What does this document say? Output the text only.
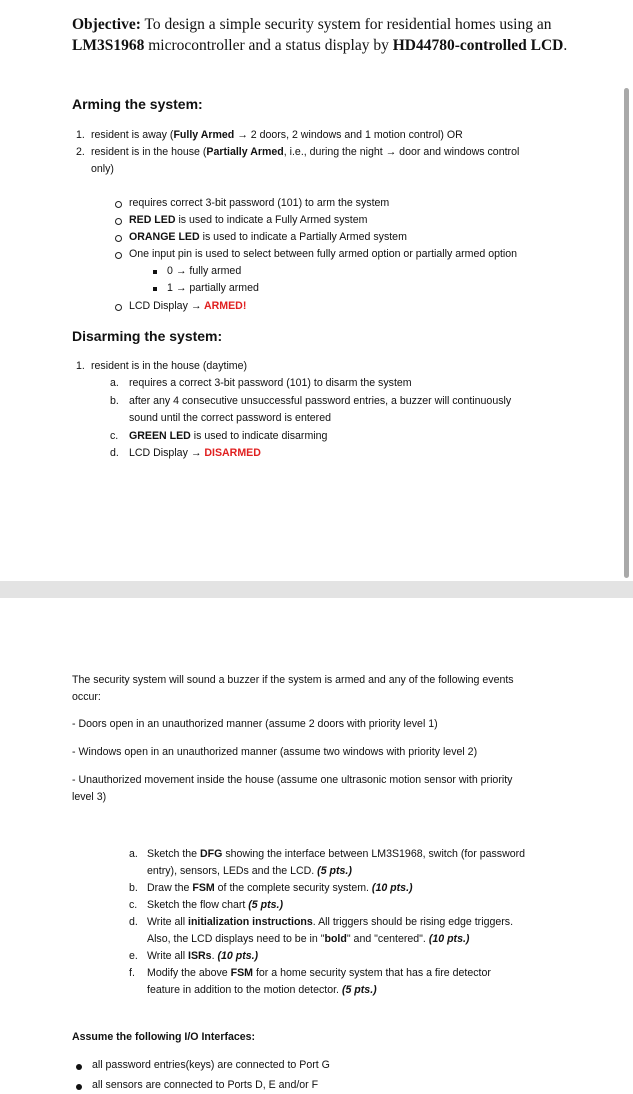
Objective: To design a simple security system for residential homes using an LM3S1968 microcontroller and a status display by HD44780-controlled LCD.
Arming the system:
1. resident is away (Fully Armed → 2 doors, 2 windows and 1 motion control) OR
2. resident is in the house (Partially Armed, i.e., during the night → door and windows control
only)
requires correct 3-bit password (101) to arm the system
RED LED is used to indicate a Fully Armed system
ORANGE LED is used to indicate a Partially Armed system
One input pin is used to select between fully armed option or partially armed option
0 → fully armed
1 → partially armed
LCD Display → ARMED!
Disarming the system:
1. resident is in the house (daytime)
a. requires a correct 3-bit password (101) to disarm the system
b. after any 4 consecutive unsuccessful password entries, a buzzer will continuously
sound until the correct password is entered
c. GREEN LED is used to indicate disarming
d. LCD Display → DISARMED
The security system will sound a buzzer if the system is armed and any of the following events
occur:
- Doors open in an unauthorized manner (assume 2 doors with priority level 1)
- Windows open in an unauthorized manner (assume two windows with priority level 2)
- Unauthorized movement inside the house (assume one ultrasonic motion sensor with priority
level 3)
a. Sketch the DFG showing the interface between LM3S1968, switch (for password
entry), sensors, LEDs and the LCD. (5 pts.)
b. Draw the FSM of the complete security system. (10 pts.)
c. Sketch the flow chart (5 pts.)
d. Write all initialization instructions. All triggers should be rising edge triggers.
Also, the LCD displays need to be in "bold" and "centered". (10 pts.)
e. Write all ISRs. (10 pts.)
f. Modify the above FSM for a home security system that has a fire detector
feature in addition to the motion detector. (5 pts.)
Assume the following I/O Interfaces:
all password entries(keys) are connected to Port G
all sensors are connected to Ports D, E and/or F
